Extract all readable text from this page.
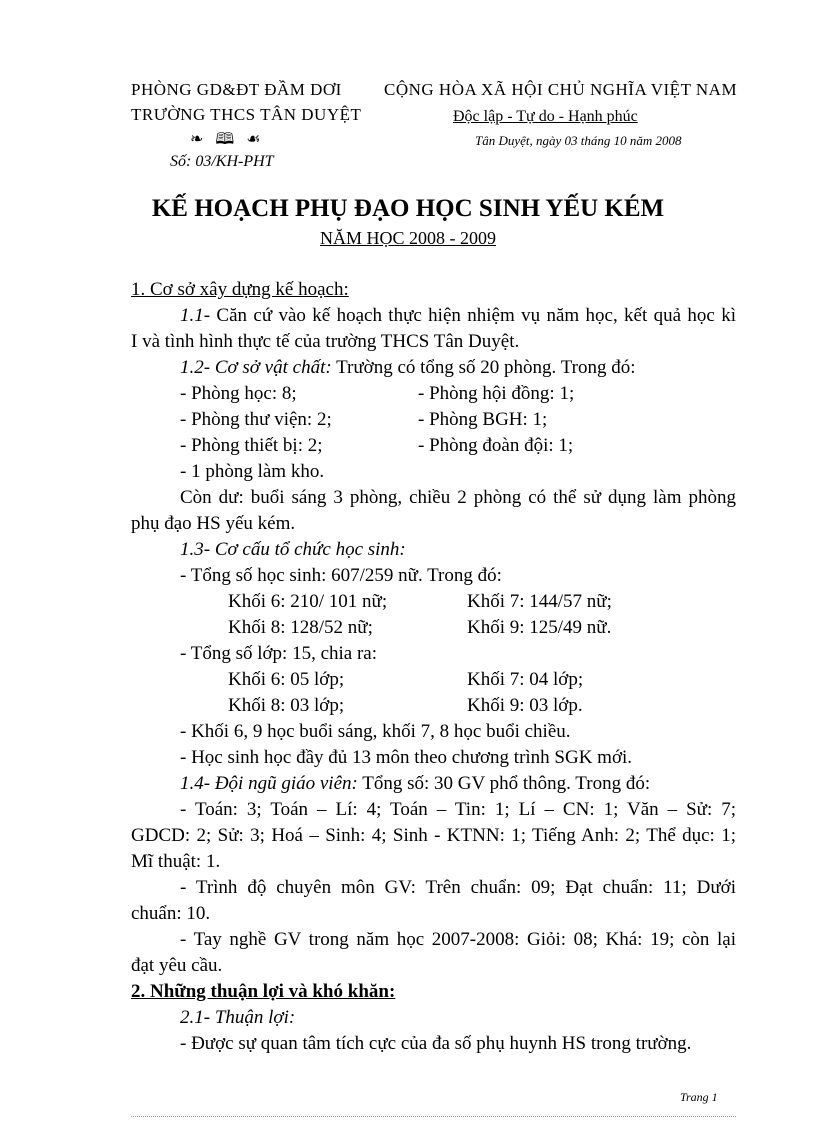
PHÒNG GD&ĐT ĐẦM DƠI
TRƯỜNG THCS TÂN DUYỆT
❧ 🕮 ☙
Số: 03/KH-PHT
CỘNG HÒA XÃ HỘI CHỦ NGHĨA VIỆT NAM
Độc lập - Tự do - Hạnh phúc
Tân Duyệt, ngày 03 tháng 10 năm 2008
KẾ HOẠCH PHỤ ĐẠO HỌC SINH YẾU KÉM
NĂM HỌC 2008 - 2009
1. Cơ sở xây dựng kế hoạch:
1.1- Căn cứ vào kế hoạch thực hiện nhiệm vụ năm học, kết quả học kì
I và tình hình thực tế của trường THCS Tân Duyệt.
1.2- Cơ sở vật chất: Trường có tổng số 20 phòng. Trong đó:
- Phòng học: 8;	- Phòng hội đồng: 1;
- Phòng thư viện: 2;	- Phòng BGH: 1;
- Phòng thiết bị: 2;	- Phòng đoàn đội: 1;
- 1 phòng làm kho.
Còn dư: buổi sáng 3 phòng, chiều 2 phòng có thể sử dụng làm phòng
phụ đạo HS yếu kém.
1.3- Cơ cấu tổ chức học sinh:
- Tổng số học sinh: 607/259 nữ. Trong đó:
Khối 6: 210/ 101 nữ;	Khối 7: 144/57 nữ;
Khối 8: 128/52 nữ;	Khối 9: 125/49 nữ.
- Tổng số lớp: 15, chia ra:
Khối 6: 05 lớp;	Khối 7: 04 lớp;
Khối 8: 03 lớp;	Khối 9: 03 lớp.
- Khối 6, 9 học buổi sáng, khối 7, 8 học buổi chiều.
- Học sinh học đầy đủ 13 môn theo chương trình SGK mới.
1.4- Đội ngũ giáo viên: Tổng số: 30 GV phổ thông. Trong đó:
- Toán: 3; Toán – Lí: 4; Toán – Tin: 1; Lí – CN: 1; Văn – Sử: 7;
GDCD: 2; Sử: 3; Hoá – Sinh: 4; Sinh - KTNN: 1; Tiếng Anh: 2; Thể dục: 1;
Mĩ thuật: 1.
- Trình độ chuyên môn GV: Trên chuẩn: 09; Đạt chuẩn: 11; Dưới
chuẩn: 10.
- Tay nghề GV trong năm học 2007-2008: Giỏi: 08; Khá: 19; còn lại
đạt yêu cầu.
2. Những thuận lợi và khó khăn:
2.1- Thuận lợi:
- Được sự quan tâm tích cực của đa số phụ huynh HS trong trường.
Trang 1
